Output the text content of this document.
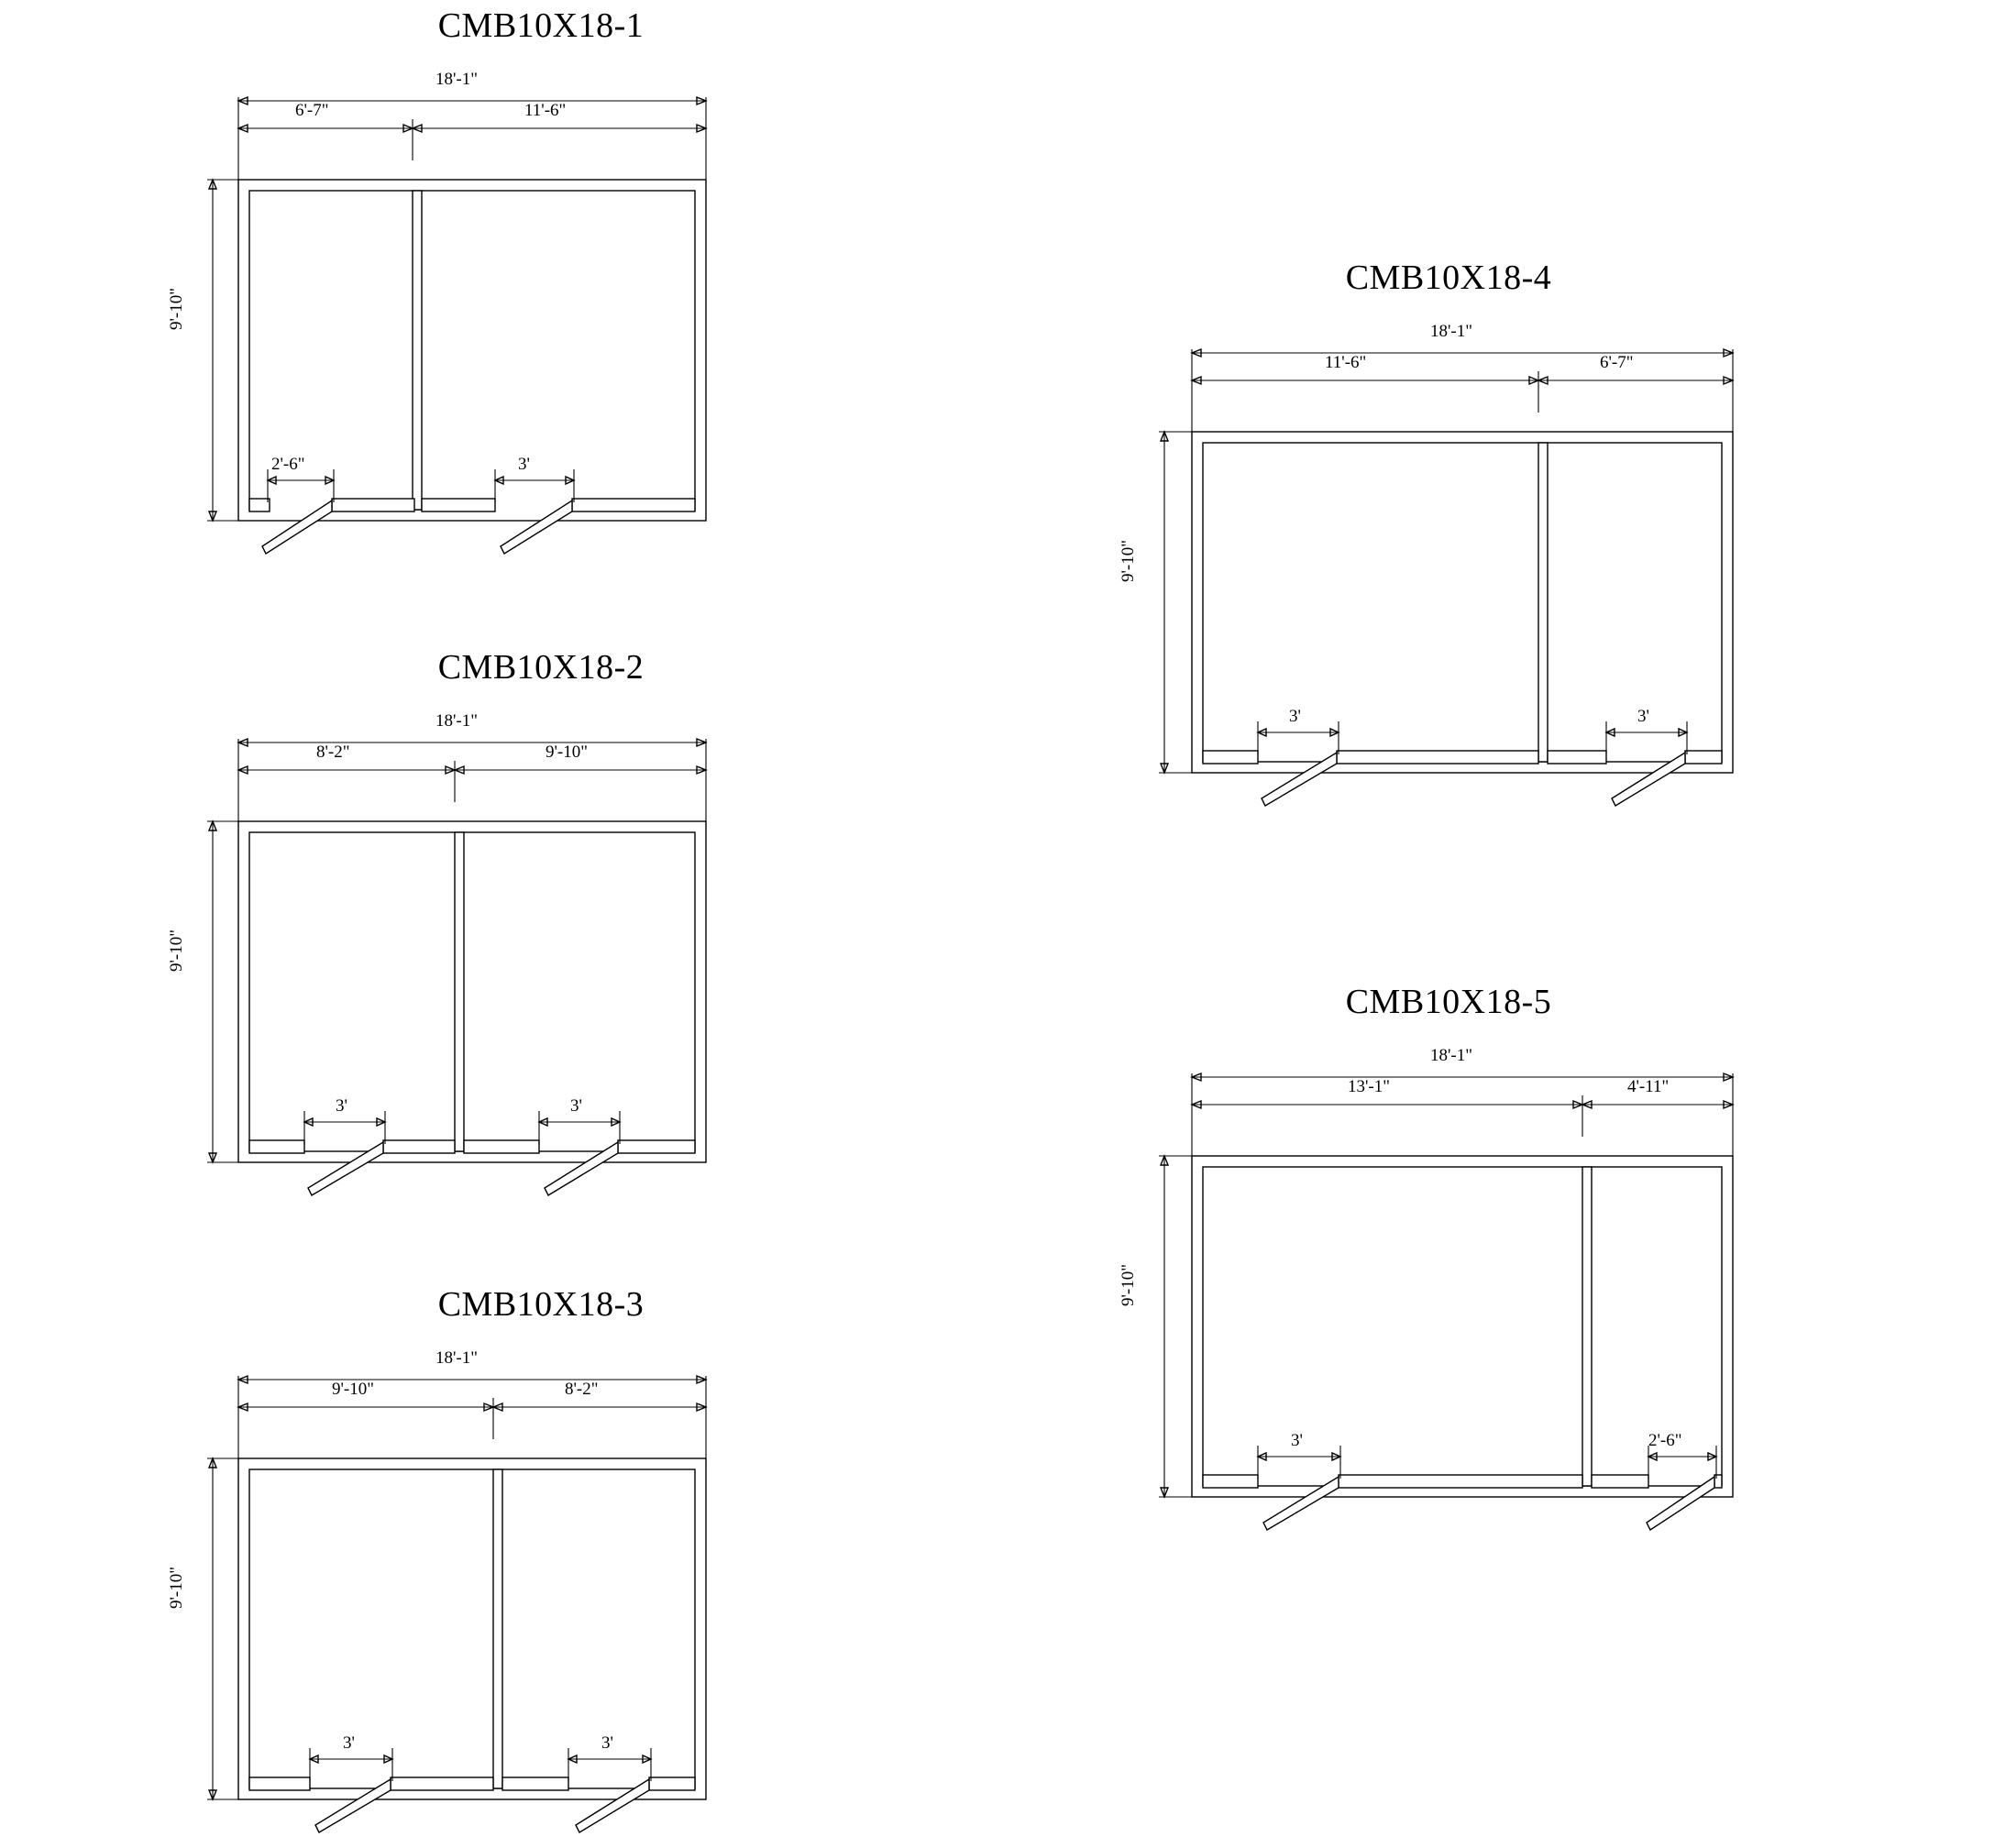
CMB10X18-1
18'-1"
6'-7"	11'-6"
9'-10"
2'-6"	3'
CMB10X18-2
18'-1"
8'-2"	9'-10"
9'-10"
3'	3'
CMB10X18-3
18'-1"
9'-10"	8'-2"
9'-10"
3'	3'
CMB10X18-4
18'-1"
11'-6"	6'-7"
9'-10"
3'	3'
CMB10X18-5
18'-1"
13'-1"	4'-11"
9'-10"
3'	2'-6"
